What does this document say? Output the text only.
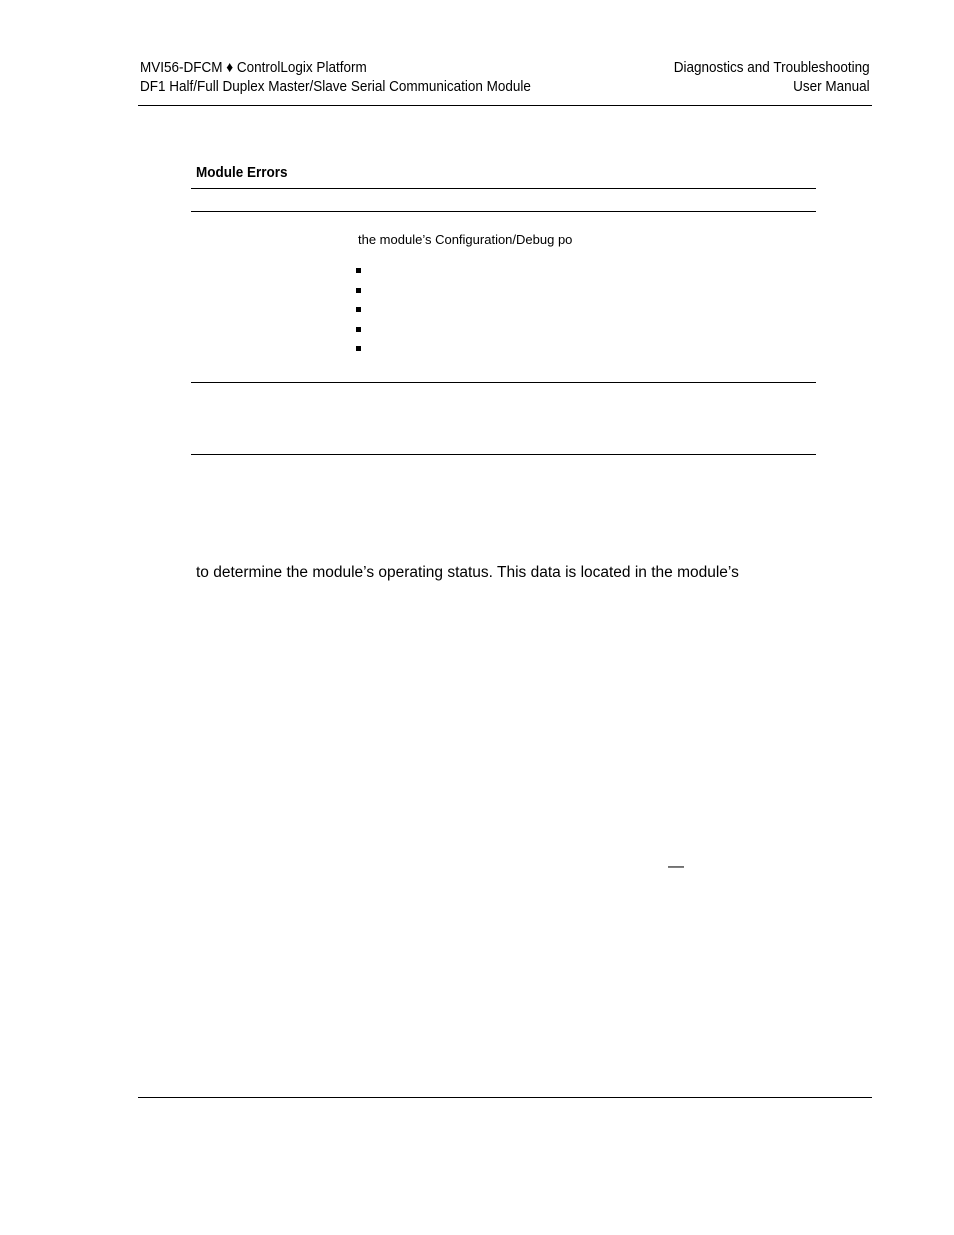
MVI56-DFCM ♦ ControlLogix Platform
DF1 Half/Full Duplex Master/Slave Serial Communication Module
Diagnostics and Troubleshooting
User Manual
Module Errors
the module’s Configuration/Debug po
to determine the module’s operating status. This data is located in the module’s
—
